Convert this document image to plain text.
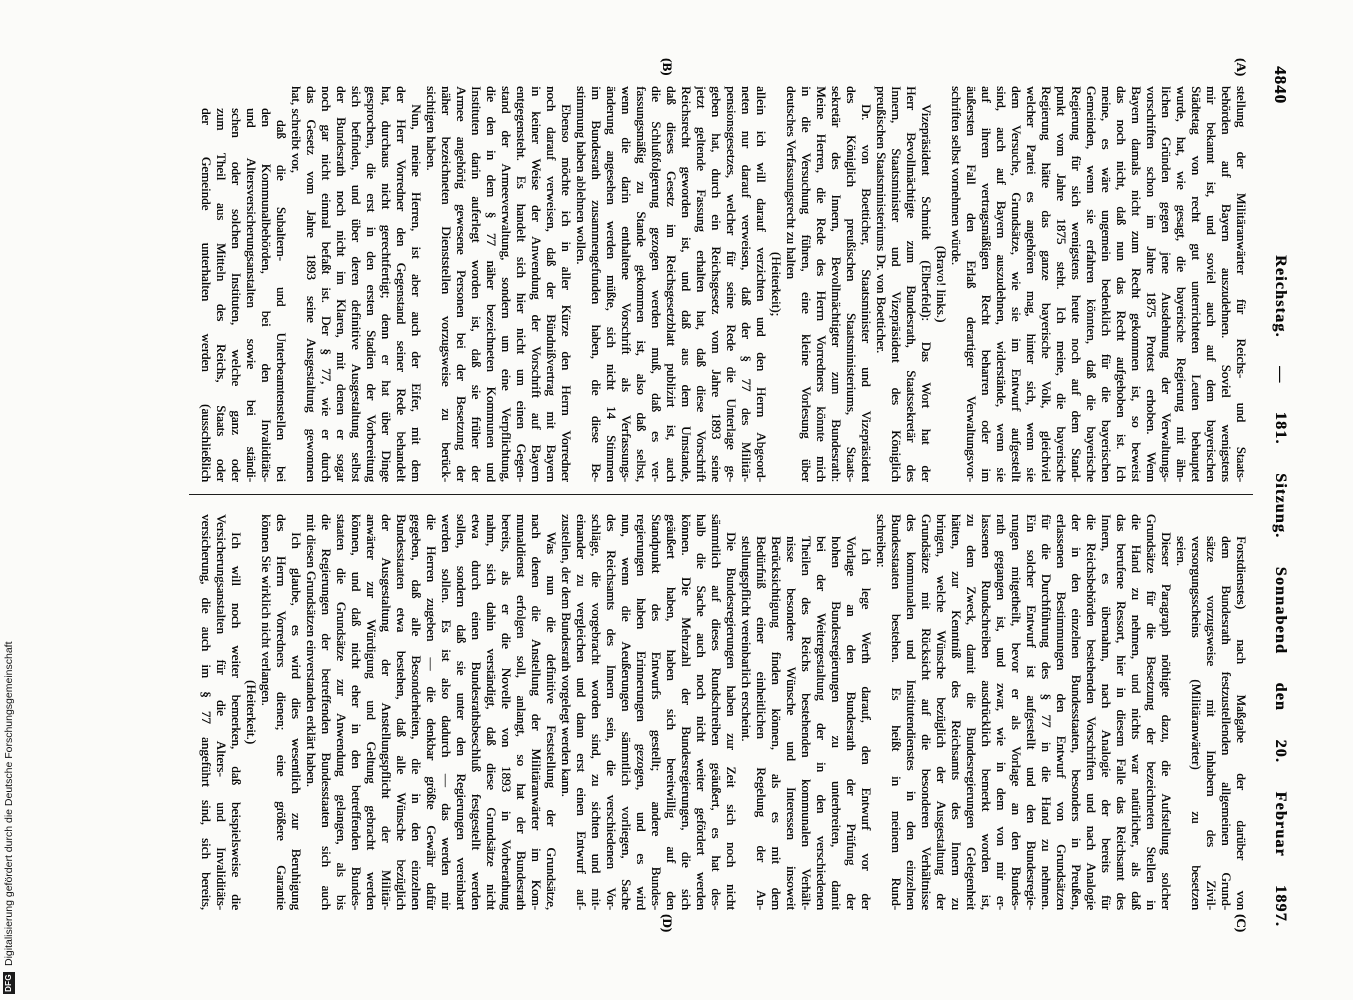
4840
Reichstag. — 181. Sitzung. Sonnabend den 20. Februar 1897.
(A)
(B)
(C)
(D)
stellung der Militäranwärter für Reichs- und Staats-
behörden auf Bayern auszudehnen. Soviel wenigstens
mir bekannt ist, und soviel auch auf dem bayerischen
Städtetag von recht gut unterrichteten Leuten behauptet
wurde, hat, wie gesagt, die bayerische Regierung mit ähn-
lichen Gründen gegen jene Ausdehnung der Verwaltungs-
vorschriften schon im Jahre 1875 Protest erhoben. Wenn
Bayern damals nicht zum Recht gekommen ist, so beweist
das noch nicht, daß nun das Recht aufgehoben ist. Ich
meine, es wäre ungemein bedenklich für die bayerischen
Gemeinden, wenn sie erfahren könnten, daß die bayerische
Regierung für sich wenigstens heute noch auf dem Stand-
punkt vom Jahre 1875 steht. Ich meine, die bayerische
Regierung hätte das ganze bayerische Volk, gleichviel
welcher Partei es angehören mag, hinter sich, wenn sie
dem Versuche, Grundsätze, wie sie im Entwurf aufgestellt
sind, auch auf Bayern auszudehnen, widerstände, wenn sie
auf ihrem vertragsmäßigen Recht beharren oder im
äußersten Fall den Erlaß derartiger Verwaltungsvor-
schriften selbst vornehmen würde.
(Bravo! links.)
Vizepräsident Schmidt (Elberfeld): Das Wort hat der
Herr Bevollmächtigte zum Bundesrath, Staatssekretär des
Innern, Staatsminister und Vizepräsident des Königlich
preußischen Staatsministeriums Dr. von Boetticher.
Dr. von Boetticher, Staatsminister und Vizepräsident
des Königlich preußischen Staatsministeriums, Staats-
sekretär des Innern, Bevollmächtigter zum Bundesrath:
Meine Herren, die Rede des Herrn Vorredners könnte mich
in die Versuchung führen, eine kleine Vorlesung über
deutsches Verfassungsrecht zu halten
(Heiterkeit);
allein ich will darauf verzichten und den Herrn Abgeord-
neten nur darauf verweisen, daß der § 77 des Militär-
pensionsgesetzes, welcher für seine Rede die Unterlage ge-
geben hat, durch ein Reichsgesetz vom Jahre 1893 seine
jetzt geltende Fassung erhalten hat, daß diese Vorschrift
Reichsrecht geworden ist, und daß aus dem Umstande,
daß dieses Gesetz im Reichsgesetzblatt publizirt ist, auch
die Schlußfolgerung gezogen werden muß, daß es ver-
fassungsmäßig zu Stande gekommen ist, also daß selbst,
wenn die darin enthaltene Vorschrift als Verfassungs-
änderung angesehen werden müßte, sich nicht 14 Stimmen
im Bundesrath zusammengefunden haben, die diese Be-
stimmung haben ablehnen wollen.
Ebenso möchte ich in aller Kürze den Herrn Vorredner
noch darauf verweisen, daß der Bündnißvertrag mit Bayern
in keiner Weise der Anwendung der Vorschrift auf Bayern
entgegensteht. Es handelt sich hier nicht um einen Gegen-
stand der Armeeverwaltung, sondern um eine Verpflichtung,
die den in dem § 77 näher bezeichneten Kommunen und
Instituten darin auferlegt worden ist, daß sie früher der
Armee angehörig gewesene Personen bei der Besetzung der
näher bezeichneten Dienststellen vorzugsweise zu berück-
sichtigen haben.
Nun, meine Herren, ist aber auch der Eifer, mit dem
der Herr Vorredner den Gegenstand seiner Rede behandelt
hat, durchaus nicht gerechtfertigt; denn er hat über Dinge
gesprochen, die erst in den ersten Stadien der Vorbereitung
sich befinden, und über deren definitive Ausgestaltung selbst
der Bundesrath noch nicht im Klaren, mit denen er sogar
noch gar nicht einmal befaßt ist. Der § 77, wie er durch
das Gesetz vom Jahre 1893 seine Ausgestaltung gewonnen
hat, schreibt vor,
daß die Subaltern- und Unterbeamtenstellen bei
den Kommunalbehörden, bei den Invaliditäts-
und Altersversicherungsanstalten sowie bei ständi-
schen oder solchen Instituten, welche ganz oder
zum Theil aus Mitteln des Reichs, Staats oder
der Gemeinde unterhalten werden (ausschließlich
Forstdienstes) nach Maßgabe der darüber von
dem Bundesrath festzustellenden allgemeinen Grund-
sätze vorzugsweise mit Inhabern des Zivil-
versorgungsscheins (Militäranwärter) zu besetzen
seien.
Dieser Paragraph nöthigte dazu, die Aufstellung solcher
Grundsätze für die Besetzung der bezeichneten Stellen in
die Hand zu nehmen, und nichts war natürlicher, als daß
das berufene Ressort, hier in diesem Falle das Reichsamt des
Innern, es übernahm, nach Analogie der bereits für
die Reichsbehörden bestehenden Vorschriften und nach Analogie
der in den einzelnen Bundesstaaten, besonders in Preußen,
erlassenen Bestimmungen den Entwurf von Grundsätzen
für die Durchführung des § 77 in die Hand zu nehmen.
Ein solcher Entwurf ist aufgestellt und den Bundesregie-
rungen mitgetheilt, bevor er als Vorlage an den Bundes-
rath gegangen ist, und zwar, wie in dem von mir er-
lassenen Rundschreiben ausdrücklich bemerkt worden ist,
zu dem Zweck, damit die Bundesregierungen Gelegenheit
hätten, zur Kenntniß des Reichsamts des Innern zu
bringen, welche Wünsche bezüglich der Ausgestaltung der
Grundsätze mit Rücksicht auf die besonderen Verhältnisse
des kommunalen und Institutendienstes in den einzelnen
Bundesstaaten bestehen. Es heißt in meinem Rund-
schreiben:
Ich lege Werth darauf, den Entwurf vor der
Vorlage an den Bundesrath der Prüfung der
hohen Bundesregierungen zu unterbreiten, damit
bei der Weitergestaltung der in den verschiedenen
Theilen des Reichs bestehenden kommunalen Verhält-
nisse besondere Wünsche und Interessen insoweit
Berücksichtigung finden können, als es mit dem
Bedürfniß einer einheitlichen Regelung der An-
stellungspflicht vereinbarlich erscheint.
Die Bundesregierungen haben zur Zeit sich noch nicht
sämmtlich auf dieses Rundschreiben geäußert, es hat des-
halb die Sache auch noch nicht weiter gefördert werden
können. Die Mehrzahl der Bundesregierungen, die sich
geäußert haben, haben sich bereitwillig auf den
Standpunkt des Entwurfs gestellt; andere Bundes-
regierungen haben Erinnerungen gezogen, und es wird
nun, wenn die Aeußerungen sämmtlich vorliegen, Sache
des Reichsamts des Innern sein, die verschiedenen Vor-
schläge, die vorgebracht worden sind, zu sichten und mit-
einander zu vergleichen und dann erst einen Entwurf auf-
zustellen, der dem Bundesrath vorgelegt werden kann.
Was nun die definitive Feststellung der Grundsätze,
nach denen die Anstellung der Militäranwärter im Kom-
munaldienst erfolgen soll, anlangt, so hat der Bundesrath
bereits, als er die Novelle von 1893 in Vorberathung
nahm, sich dahin verständigt, daß diese Grundsätze nicht
etwa durch einen Bundesrathsbeschluß festgestellt werden
sollen, sondern daß sie unter den Regierungen vereinbart
werden sollen. Es ist also dadurch — das werden mir
die Herren zugeben — die denkbar größte Gewähr dafür
gegeben, daß alle Besonderheiten, die in den einzelnen
Bundesstaaten etwa bestehen, daß alle Wünsche bezüglich
der Ausgestaltung der Anstellungspflicht der Militär-
anwärter zur Würdigung und Geltung gebracht werden
können, und daß nicht eher in den betreffenden Bundes-
staaten die Grundsätze zur Anwendung gelangen, als bis
die Regierungen der betreffenden Bundesstaaten sich auch
mit diesen Grundsätzen einverstanden erklärt haben.
Ich glaube, es wird dies wesentlich zur Beruhigung
des Herrn Vorredners dienen; eine größere Garantie
können Sie wirklich nicht verlangen.
(Heiterkeit.)
Ich will noch weiter bemerken, daß beispielsweise die
Versicherungsanstalten für die Alters- und Invaliditäts-
versicherung, die auch im § 77 angeführt sind, sich bereits,
DFG
Digitalisierung gefördert durch die Deutsche Forschungsgemeinschaft
